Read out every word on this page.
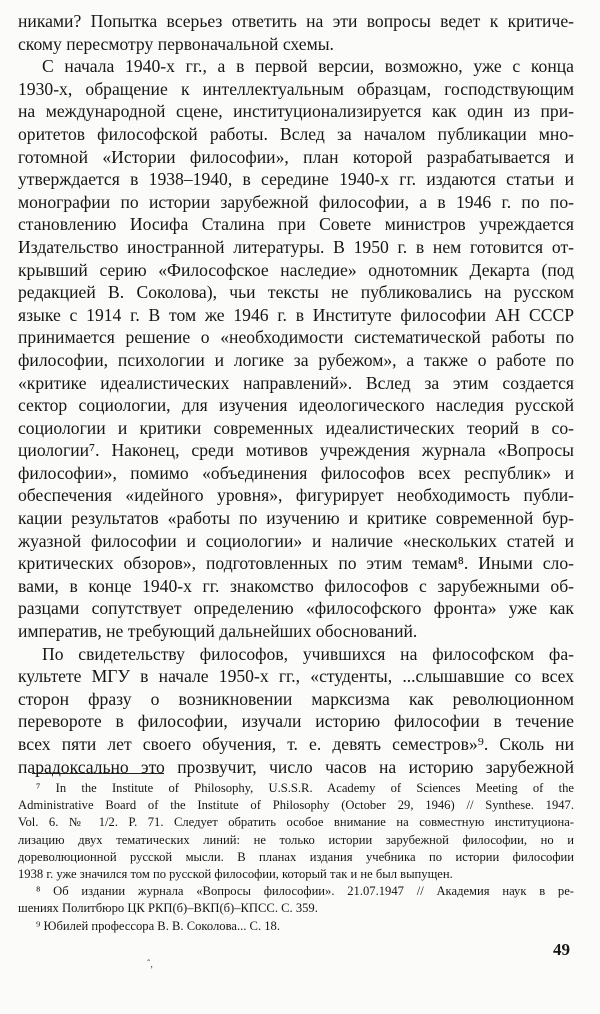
никами? Попытка всерьез ответить на эти вопросы ведет к критиче-
скому пересмотру первоначальной схемы.
С начала 1940-х гг., а в первой версии, возможно, уже с конца
1930-х, обращение к интеллектуальным образцам, господствующим
на международной сцене, институционализируется как один из при-
оритетов философской работы. Вслед за началом публикации мно-
готомной «Истории философии», план которой разрабатывается и
утверждается в 1938–1940, в середине 1940-х гг. издаются статьи и
монографии по истории зарубежной философии, а в 1946 г. по по-
становлению Иосифа Сталина при Совете министров учреждается
Издательство иностранной литературы. В 1950 г. в нем готовится от-
крывший серию «Философское наследие» однотомник Декарта (под
редакцией В. Соколова), чьи тексты не публиковались на русском
языке с 1914 г. В том же 1946 г. в Институте философии АН СССР
принимается решение о «необходимости систематической работы по
философии, психологии и логике за рубежом», а также о работе по
«критике идеалистических направлений». Вслед за этим создается
сектор социологии, для изучения идеологического наследия русской
социологии и критики современных идеалистических теорий в со-
циологии⁷. Наконец, среди мотивов учреждения журнала «Вопросы
философии», помимо «объединения философов всех республик» и
обеспечения «идейного уровня», фигурирует необходимость публи-
кации результатов «работы по изучению и критике современной бур-
жуазной философии и социологии» и наличие «нескольких статей и
критических обзоров», подготовленных по этим темам⁸. Иными сло-
вами, в конце 1940-х гг. знакомство философов с зарубежными об-
разцами сопутствует определению «философского фронта» уже как
императив, не требующий дальнейших обоснований.
По свидетельству философов, учившихся на философском фа-
культете МГУ в начале 1950-х гг., «студенты, ...слышавшие со всех
сторон фразу о возникновении марксизма как революционном
перевороте в философии, изучали историю философии в течение
всех пяти лет своего обучения, т. е. девять семестров»⁹. Сколь ни
парадоксально это прозвучит, число часов на историю зарубежной
⁷ In the Institute of Philosophy, U.S.S.R. Academy of Sciences Meeting of the
Administrative Board of the Institute of Philosophy (October 29, 1946) // Synthese. 1947.
Vol. 6. № 1/2. P. 71. Следует обратить особое внимание на совместную институциона-
лизацию двух тематических линий: не только истории зарубежной философии, но и
дореволюционной русской мысли. В планах издания учебника по истории философии
1938 г. уже значился том по русской философии, который так и не был выпущен.
⁸ Об издании журнала «Вопросы философии». 21.07.1947 // Академия наук в ре-
шениях Политбюро ЦК РКП(б)–ВКП(б)–КПСС. С. 359.
⁹ Юбилей профессора В. В. Соколова... С. 18.
ˆ,
49
